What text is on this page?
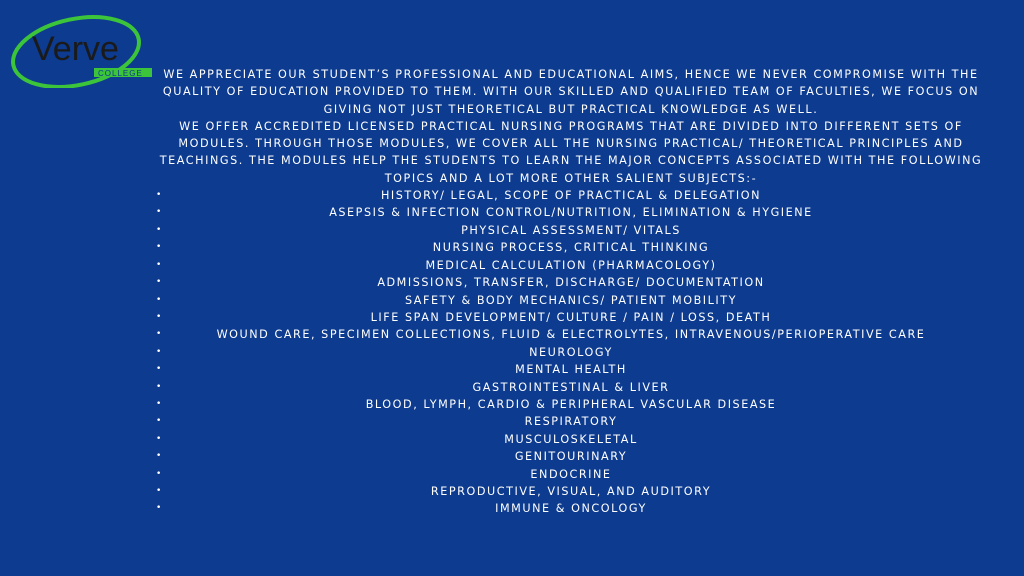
Verve
COLLEGE	WE APPRECIATE OUR STUDENT’S PROFESSIONAL AND EDUCATIONAL AIMS, HENCE WE NEVER COMPROMISE WITH THE QUALITY OF EDUCATION PROVIDED TO THEM. WITH OUR SKILLED AND QUALIFIED TEAM OF FACULTIES, WE FOCUS ON GIVING NOT JUST THEORETICAL BUT PRACTICAL KNOWLEDGE AS WELL.

WE OFFER ACCREDITED LICENSED PRACTICAL NURSING PROGRAMS THAT ARE DIVIDED INTO DIFFERENT SETS OF MODULES. THROUGH THOSE MODULES, WE COVER ALL THE NURSING PRACTICAL/ THEORETICAL PRINCIPLES AND TEACHINGS. THE MODULES HELP THE STUDENTS TO LEARN THE MAJOR CONCEPTS ASSOCIATED WITH THE FOLLOWING TOPICS AND A LOT MORE OTHER SALIENT SUBJECTS:-

•	HISTORY/ LEGAL, SCOPE OF PRACTICAL & DELEGATION
•	ASEPSIS & INFECTION CONTROL/NUTRITION, ELIMINATION & HYGIENE
•	PHYSICAL ASSESSMENT/ VITALS
•	NURSING PROCESS, CRITICAL THINKING
•	MEDICAL CALCULATION (PHARMACOLOGY)
•	ADMISSIONS, TRANSFER, DISCHARGE/ DOCUMENTATION
•	SAFETY & BODY MECHANICS/ PATIENT MOBILITY
•	LIFE SPAN DEVELOPMENT/ CULTURE / PAIN / LOSS, DEATH
•	WOUND CARE, SPECIMEN COLLECTIONS, FLUID & ELECTROLYTES, INTRAVENOUS/PERIOPERATIVE CARE
•	NEUROLOGY
•	MENTAL HEALTH
•	GASTROINTESTINAL & LIVER
•	BLOOD, LYMPH, CARDIO & PERIPHERAL VASCULAR DISEASE
•	RESPIRATORY
•	MUSCULOSKELETAL
•	GENITOURINARY
•	ENDOCRINE
•	REPRODUCTIVE, VISUAL, AND AUDITORY
•	IMMUNE & ONCOLOGY
